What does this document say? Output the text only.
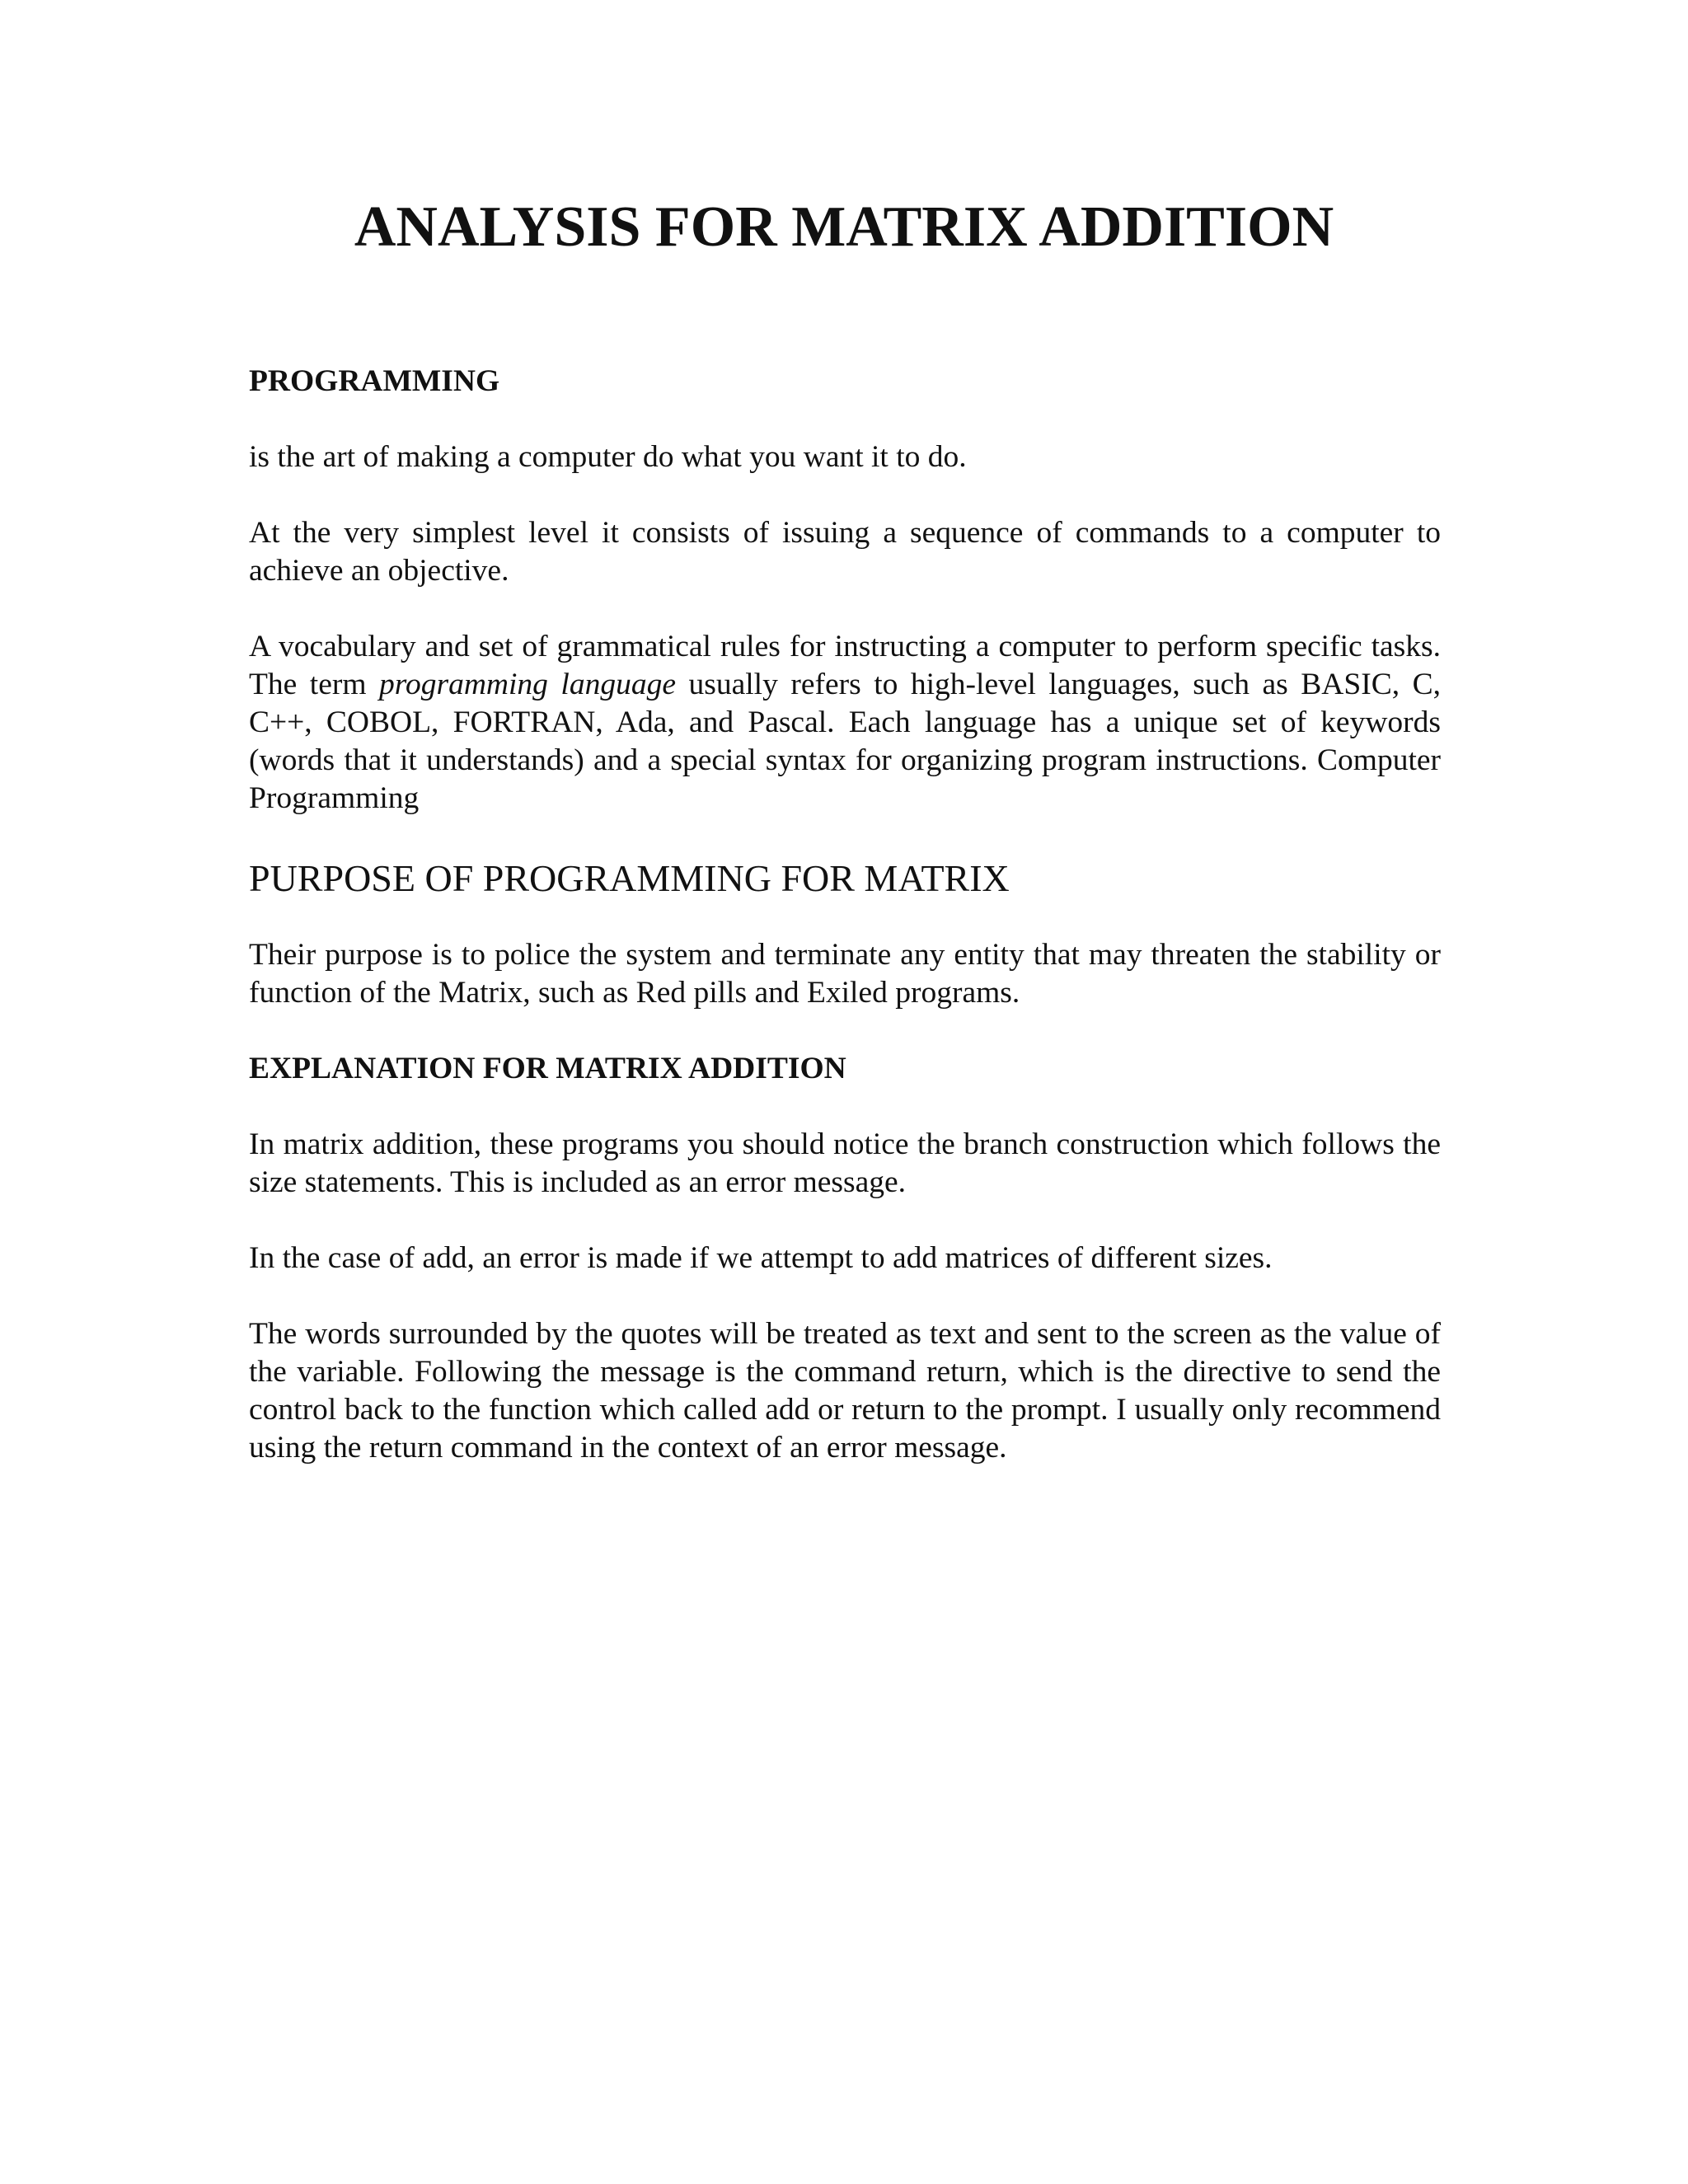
ANALYSIS FOR MATRIX ADDITION
PROGRAMMING

is the art of making a computer do what you want it to do.

At the very simplest level it consists of issuing a sequence of commands to a computer to achieve an objective.

A vocabulary and set of grammatical rules for instructing a computer to perform specific tasks. The term programming language usually refers to high-level languages, such as BASIC, C, C++, COBOL, FORTRAN, Ada, and Pascal. Each language has a unique set of keywords (words that it understands) and a special syntax for organizing program instructions. Computer Programming

PURPOSE OF PROGRAMMING FOR MATRIX

Their purpose is to police the system and terminate any entity that may threaten the stability or function of the Matrix, such as Red pills and Exiled programs.

EXPLANATION FOR MATRIX ADDITION

In matrix addition, these programs you should notice the branch construction which follows the size statements. This is included as an error message.

In the case of add, an error is made if we attempt to add matrices of different sizes.

The words surrounded by the quotes will be treated as text and sent to the screen as the value of the variable. Following the message is the command return, which is the directive to send the control back to the function which called add or return to the prompt. I usually only recommend using the return command in the context of an error message.
